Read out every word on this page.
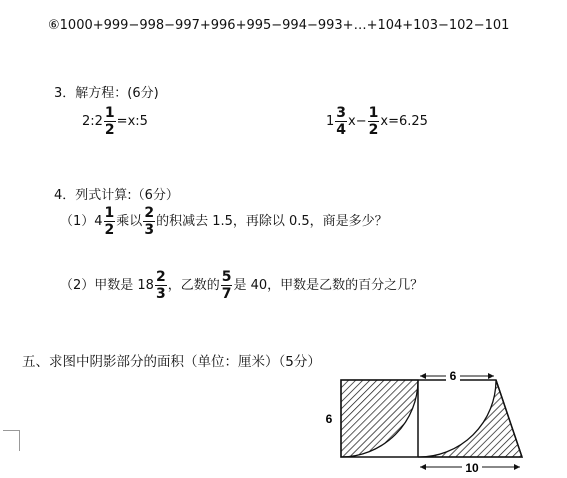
⑥1000+999−998−997+996+995−994−993+…+104+103−102−101
3．解方程：(6分)
2:2 $\frac{1}{2}$ =x:5	$1 \frac{3}{4} x- \frac{1}{2} x=6.25$
4．列式计算:（6分）
$(1)4 \frac{1}{2}$ 乘以 $\frac{2}{3}$ 的积减去 1.5，再除以 0.5，商是多少？
（2）甲数是 $18 \frac{2}{3}$ ，乙数的 $\frac{5}{7}$ 是 40，甲数是乙数的百分之几？
五、求图中阴影部分的面积（单位：厘米）（5分）
6
6
10
